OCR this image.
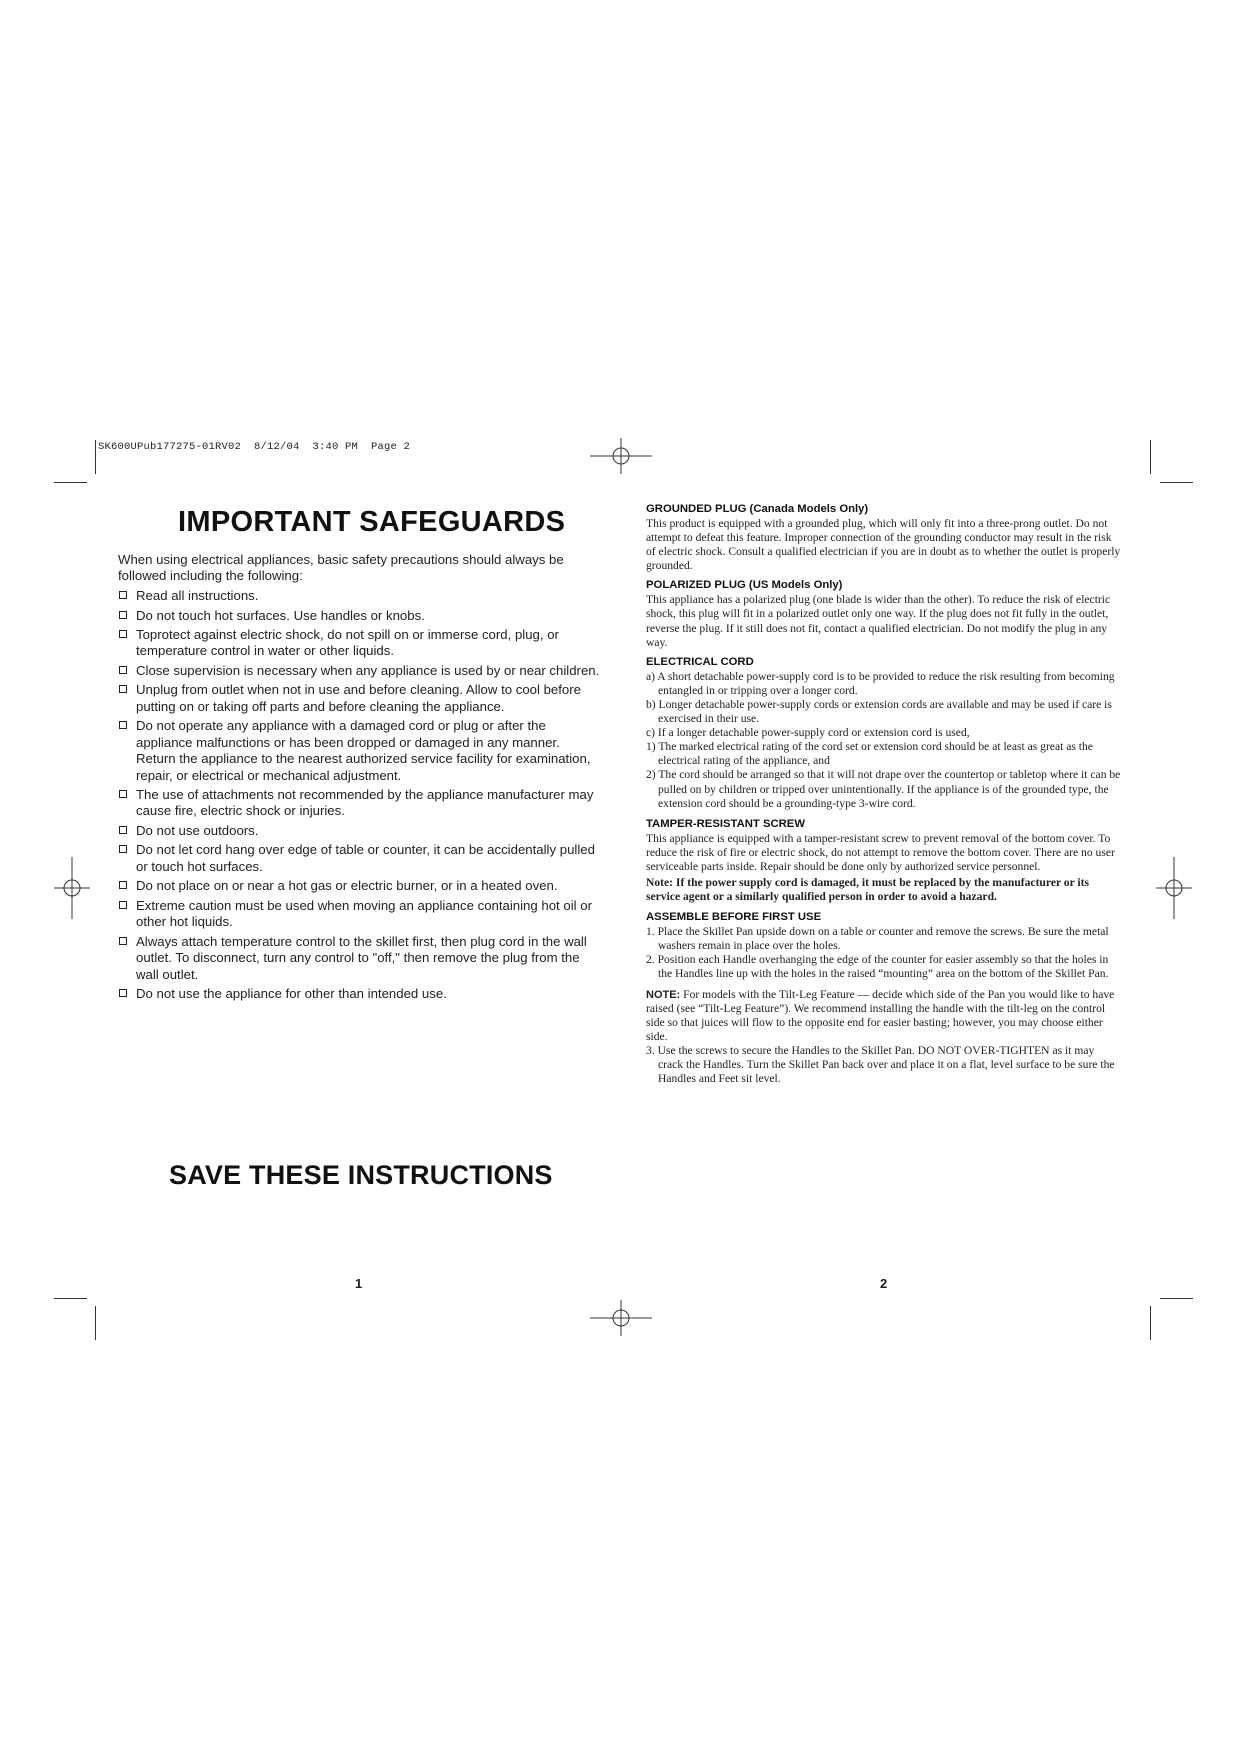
SK600UPub177275-01RV02  8/12/04  3:40 PM  Page 2
IMPORTANT SAFEGUARDS
When using electrical appliances, basic safety precautions should always be followed including the following:
Read all instructions.
Do not touch hot surfaces. Use handles or knobs.
Toprotect against electric shock, do not spill on or immerse cord, plug, or temperature control in water or other liquids.
Close supervision is necessary when any appliance is used by or near children.
Unplug from outlet when not in use and before cleaning. Allow to cool before putting on or taking off parts and before cleaning the appliance.
Do not operate any appliance with a damaged cord or plug or after the appliance malfunctions or has been dropped or damaged in any manner. Return the appliance to the nearest authorized service facility for examination, repair, or electrical or mechanical adjustment.
The use of attachments not recommended by the appliance manufacturer may cause fire, electric shock or injuries.
Do not use outdoors.
Do not let cord hang over edge of table or counter, it can be accidentally pulled or touch hot surfaces.
Do not place on or near a hot gas or electric burner, or in a heated oven.
Extreme caution must be used when moving an appliance containing hot oil or other hot liquids.
Always attach temperature control to the skillet first, then plug cord in the wall outlet. To disconnect, turn any control to "off," then remove the plug from the wall outlet.
Do not use the appliance for other than intended use.
SAVE THESE INSTRUCTIONS
1
GROUNDED PLUG (Canada Models Only)

This product is equipped with a grounded plug, which will only fit into a three-prong outlet. Do not attempt to defeat this feature. Improper connection of the grounding conductor may result in the risk of electric shock. Consult a qualified electrician if you are in doubt as to whether the outlet is properly grounded.

POLARIZED PLUG (US Models Only)

This appliance has a polarized plug (one blade is wider than the other). To reduce the risk of electric shock, this plug will fit in a polarized outlet only one way. If the plug does not fit fully in the outlet, reverse the plug. If it still does not fit, contact a qualified electrician. Do not modify the plug in any way.

ELECTRICAL CORD

a) A short detachable power-supply cord is to be provided to reduce the risk resulting from becoming entangled in or tripping over a longer cord.

b) Longer detachable power-supply cords or extension cords are available and may be used if care is exercised in their use.

c) If a longer detachable power-supply cord or extension cord is used,

1) The marked electrical rating of the cord set or extension cord should be at least as great as the electrical rating of the appliance, and

2) The cord should be arranged so that it will not drape over the countertop or tabletop where it can be pulled on by children or tripped over unintentionally. If the appliance is of the grounded type, the extension cord should be a grounding-type 3-wire cord.

TAMPER-RESISTANT SCREW

This appliance is equipped with a tamper-resistant screw to prevent removal of the bottom cover. To reduce the risk of fire or electric shock, do not attempt to remove the bottom cover. There are no user serviceable parts inside. Repair should be done only by authorized service personnel.

Note: If the power supply cord is damaged, it must be replaced by the manufacturer or its service agent or a similarly qualified person in order to avoid a hazard.

ASSEMBLE BEFORE FIRST USE

1. Place the Skillet Pan upside down on a table or counter and remove the screws. Be sure the metal washers remain in place over the holes.

2. Position each Handle overhanging the edge of the counter for easier assembly so that the holes in the Handles line up with the holes in the raised “mounting” area on the bottom of the Skillet Pan.

NOTE: For models with the Tilt-Leg Feature — decide which side of the Pan you would like to have raised (see “Tilt-Leg Feature”). We recommend installing the handle with the tilt-leg on the control side so that juices will flow to the opposite end for easier basting; however, you may choose either side.

3. Use the screws to secure the Handles to the Skillet Pan. DO NOT OVER-TIGHTEN as it may crack the Handles. Turn the Skillet Pan back over and place it on a flat, level surface to be sure the Handles and Feet sit level.

2
